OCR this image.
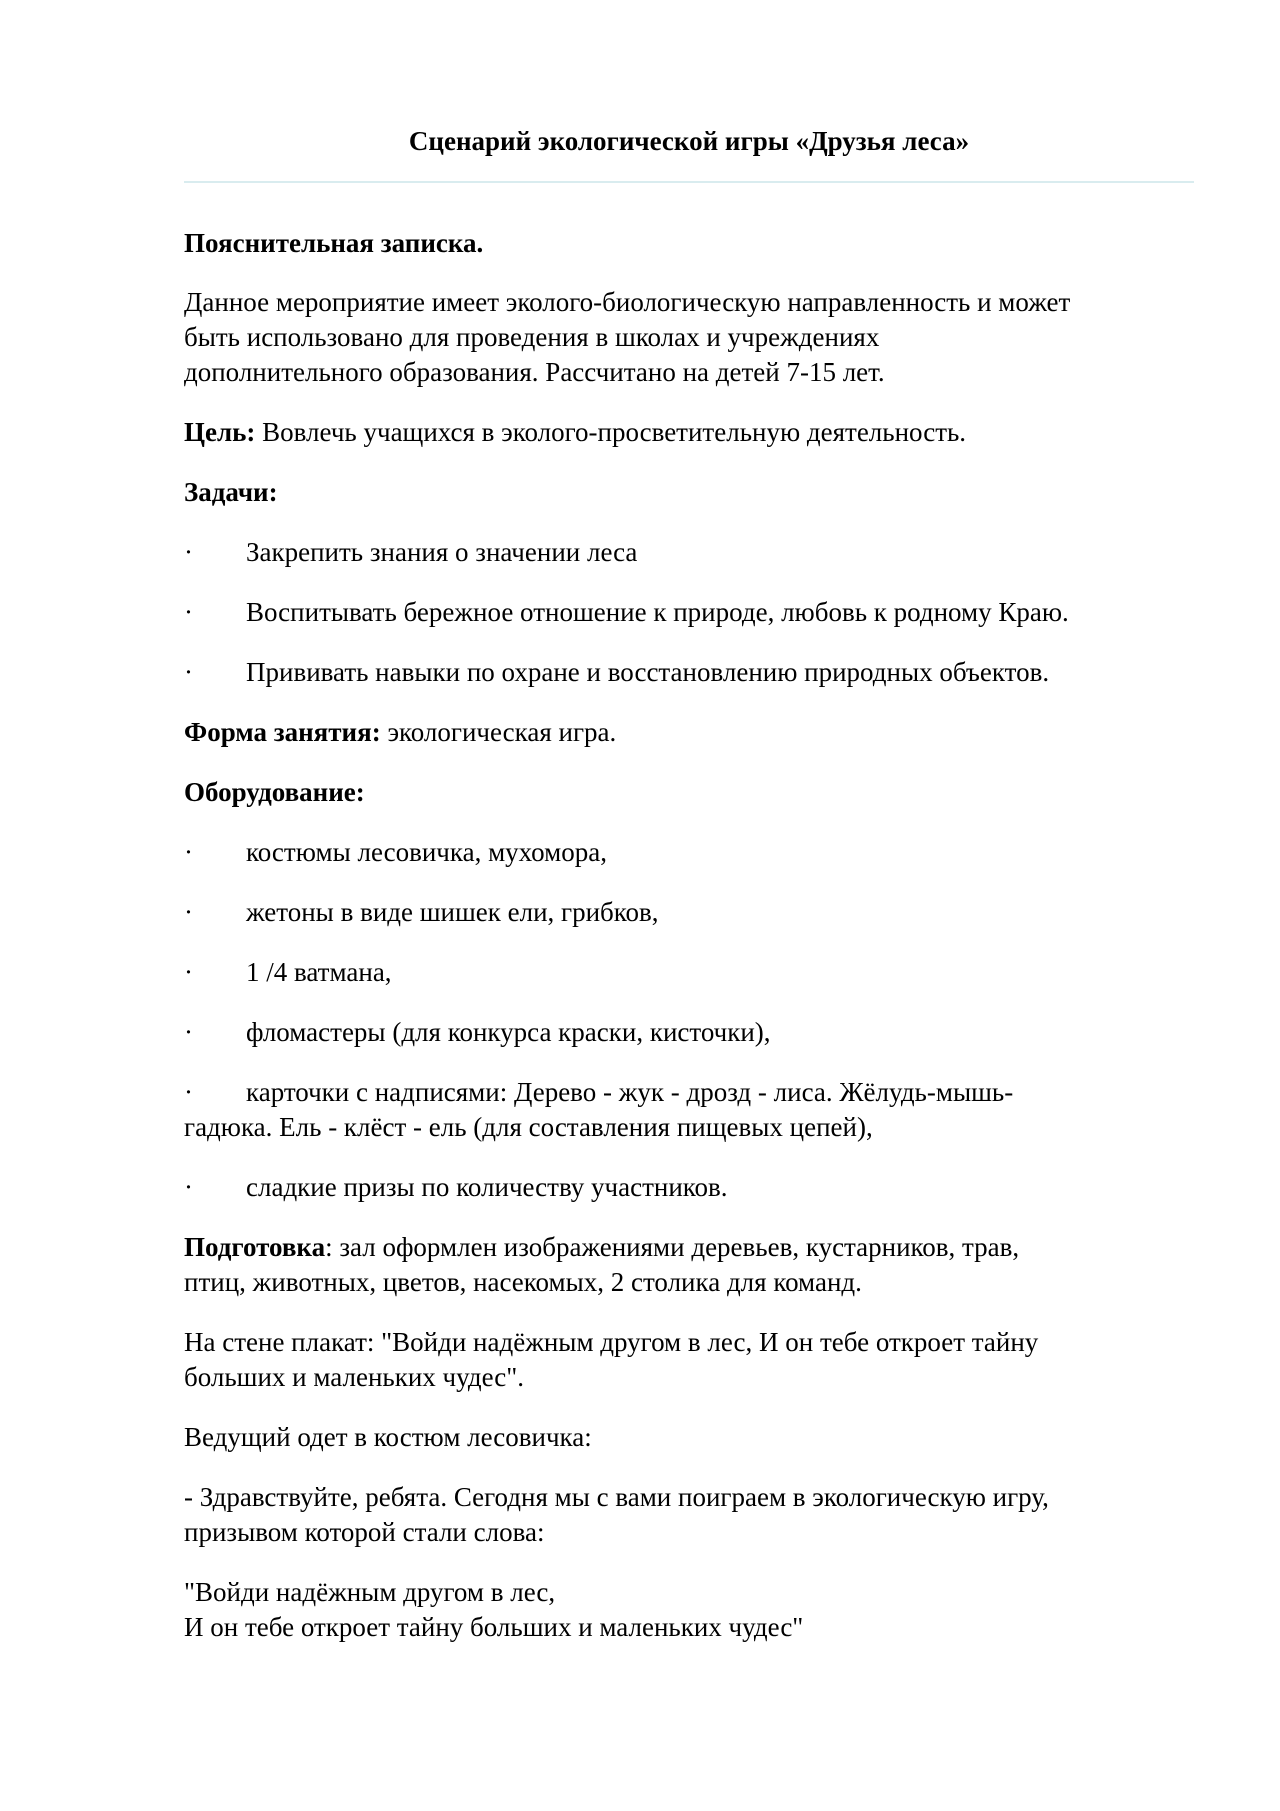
Сценарий экологической игры «Друзья леса»

Пояснительная записка.

Данное мероприятие имеет эколого-биологическую направленность и может

быть использовано для проведения в школах и учреждениях

дополнительного образования. Рассчитано на детей 7-15 лет.

Цель: Вовлечь учащихся в эколого-просветительную деятельность.

Задачи:

· Закрепить знания о значении леса

· Воспитывать бережное отношение к природе, любовь к родному Краю.

· Прививать навыки по охране и восстановлению природных объектов.

Форма занятия: экологическая игра.

Оборудование:

· костюмы лесовичка, мухомора,

· жетоны в виде шишек ели, грибков,

· 1 /4 ватмана,

· фломастеры (для конкурса краски, кисточки),

· карточки с надписями: Дерево - жук - дрозд - лиса. Жёлудь-мышь-

гадюка. Ель - клёст - ель (для составления пищевых цепей),

· сладкие призы по количеству участников.

Подготовка: зал оформлен изображениями деревьев, кустарников, трав,

птиц, животных, цветов, насекомых, 2 столика для команд.

На стене плакат: "Войди надёжным другом в лес, И он тебе откроет тайну

больших и маленьких чудес".

Ведущий одет в костюм лесовичка:

- Здравствуйте, ребята. Сегодня мы с вами поиграем в экологическую игру,

призывом которой стали слова:

"Войди надёжным другом в лес,

И он тебе откроет тайну больших и маленьких чудес"
